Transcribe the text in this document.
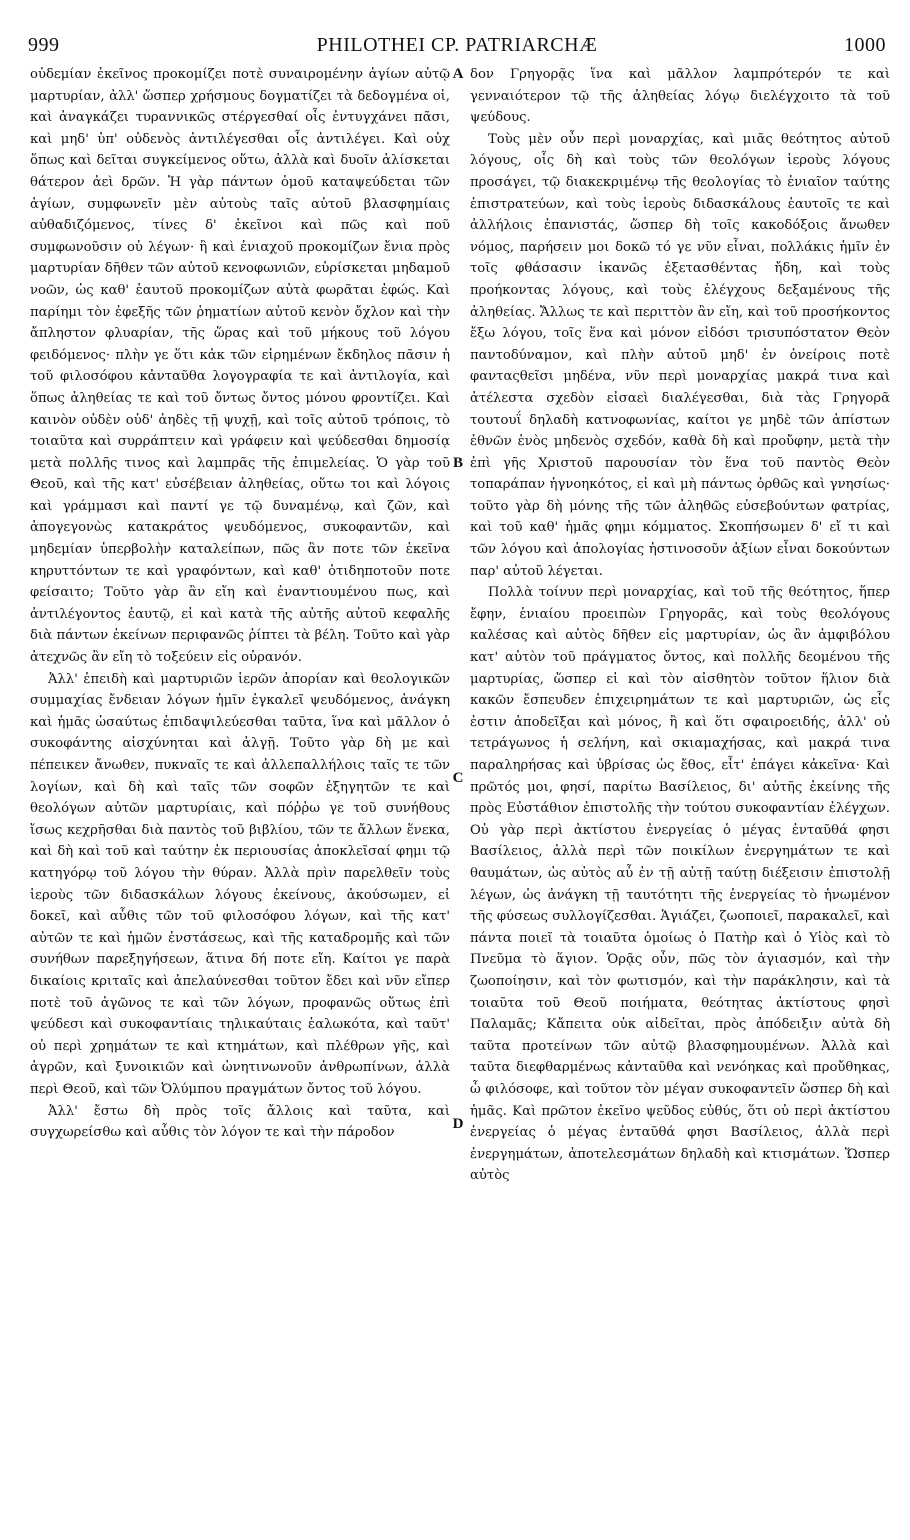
999	PHILOTHEI CP. PATRIARCHÆ	1000
A
B
C
D

οὐδεμίαν ἐκεῖνος προκομίζει ποτὲ συναιρομένην ἁγίων αὐτῷ μαρτυρίαν, ἀλλ' ὥσπερ χρήσμους δογματίζει τὰ δεδογμένα οἱ, καὶ ἀναγκάζει τυραννικῶς στέργεσθαί οἷς ἐντυγχάνει πᾶσι, καὶ μηδ' ὑπ' οὐδενὸς ἀντιλέγεσθαι οἷς ἀντιλέγει. Καὶ οὐχ ὅπως καὶ δεῖται συγκείμενος οὕτω, ἀλλὰ καὶ δυοῖν ἁλίσκεται θάτερον ἀεὶ δρῶν. Ἡ γὰρ πάντων ὁμοῦ καταψεύδεται τῶν ἁγίων, συμφωνεῖν μὲν αὐτοὺς ταῖς αὐτοῦ βλασφημίαις αὐθαδιζόμενος, τίνες δ' ἐκεῖνοι καὶ πῶς καὶ ποῦ συμφωνοῦσιν οὐ λέγων· ἢ καὶ ἐνιαχοῦ προκομίζων ἔνια πρὸς μαρτυρίαν δῆθεν τῶν αὐτοῦ κενοφωνιῶν, εὑρίσκεται μηδαμοῦ νοῶν, ὡς καθ' ἑαυτοῦ προκομίζων αὐτὰ φωρᾶται ἐφώς. Καὶ παρίημι τὸν ἐφεξῆς τῶν ῥηματίων αὐτοῦ κενὸν ὄχλον καὶ τὴν ἄπληστον φλυαρίαν, τῆς ὥρας καὶ τοῦ μήκους τοῦ λόγου φειδόμενος· πλὴν γε ὅτι κἀκ τῶν εἰρημένων ἔκδηλος πᾶσιν ἡ τοῦ φιλοσόφου κἀνταῦθα λογογραφία τε καὶ ἀντιλογία, καὶ ὅπως ἀληθείας τε καὶ τοῦ ὄντως ὄντος μόνου φροντίζει. Καὶ καινὸν οὐδὲν οὐδ' ἀηδὲς τῇ ψυχῇ, καὶ τοῖς αὐτοῦ τρόποις, τὸ τοιαῦτα καὶ συρράπτειν καὶ γράφειν καὶ ψεύδεσθαι δημοσίᾳ μετὰ πολλῆς τινος καὶ λαμπρᾶς τῆς ἐπιμελείας. Ὁ γὰρ τοῦ Θεοῦ, καὶ τῆς κατ' εὐσέβειαν ἀληθείας, οὕτω τοι καὶ λόγοις καὶ γράμμασι καὶ παντί γε τῷ δυναμένῳ, καὶ ζῶν, καὶ ἀπογεγονὼς κατακράτος ψευδόμενος, συκοφαντῶν, καὶ μηδεμίαν ὑπερβολὴν καταλείπων, πῶς ἂν ποτε τῶν ἐκεῖνα κηρυττόντων τε καὶ γραφόντων, καὶ καθ' ὁτιδηποτοῦν ποτε φείσαιτο; Τοῦτο γὰρ ἂν εἴη καὶ ἐναντιουμένου πως, καὶ ἀντιλέγοντος ἑαυτῷ, εἰ καὶ κατὰ τῆς αὐτῆς αὐτοῦ κεφαλῆς διὰ πάντων ἐκείνων περιφανῶς ῥίπτει τὰ βέλη. Τοῦτο καὶ γὰρ ἀτεχνῶς ἂν εἴη τὸ τοξεύειν εἰς οὐρανόν.

Ἀλλ' ἐπειδὴ καὶ μαρτυριῶν ἱερῶν ἀπορίαν καὶ θεολογικῶν συμμαχίας ἔνδειαν λόγων ἡμῖν ἐγκαλεῖ ψευδόμενος, ἀνάγκη καὶ ἡμᾶς ὡσαύτως ἐπιδαψιλεύεσθαι ταῦτα, ἵνα καὶ μᾶλλον ὁ συκοφάντης αἰσχύνηται καὶ ἀλγῇ. Τοῦτο γὰρ δὴ με καὶ πέπεικεν ἄνωθεν, πυκναῖς τε καὶ ἀλλεπαλλήλοις ταῖς τε τῶν λογίων, καὶ δὴ καὶ ταῖς τῶν σοφῶν ἐξηγητῶν τε καὶ θεολόγων αὐτῶν μαρτυρίαις, καὶ πόῤῥω γε τοῦ συνήθους ἴσως κεχρῆσθαι διὰ παντὸς τοῦ βιβλίου, τῶν τε ἄλλων ἕνεκα, καὶ δὴ καὶ τοῦ καὶ ταύτην ἐκ περιουσίας ἀποκλεῖσαί φημι τῷ κατηγόρῳ τοῦ λόγου τὴν θύραν. Ἀλλὰ πρὶν παρελθεῖν τοὺς ἱεροὺς τῶν διδασκάλων λόγους ἐκείνους, ἀκούσωμεν, εἰ δοκεῖ, καὶ αὖθις τῶν τοῦ φιλοσόφου λόγων, καὶ τῆς κατ' αὐτῶν τε καὶ ἡμῶν ἐνστάσεως, καὶ τῆς καταδρομῆς καὶ τῶν συνήθων παρεξηγήσεων, ἅτινα δή ποτε εἴη. Καίτοι γε παρὰ δικαίοις κριταῖς καὶ ἀπελαύνεσθαι τοῦτον ἔδει καὶ νῦν εἴπερ ποτὲ τοῦ ἀγῶνος τε καὶ τῶν λόγων, προφανῶς οὕτως ἐπὶ ψεύδεσι καὶ συκοφαντίαις τηλικαύταις ἑαλωκότα, καὶ ταῦτ' οὐ περὶ χρημάτων τε καὶ κτημάτων, καὶ πλέθρων γῆς, καὶ ἀγρῶν, καὶ ξυνοικιῶν καὶ ὠνητινωνοῦν ἀνθρωπίνων, ἀλλὰ περὶ Θεοῦ, καὶ τῶν Ὀλύμπου πραγμάτων ὄντος τοῦ λόγου.

Ἀλλ' ἔστω δὴ πρὸς τοῖς ἄλλοις καὶ ταῦτα, καὶ συγχωρείσθω καὶ αὖθις τὸν λόγον τε καὶ τὴν πάροδον

δον Γρηγορᾷς ἵνα καὶ μᾶλλον λαμπρότερόν τε καὶ γενναιότερον τῷ τῆς ἀληθείας λόγῳ διελέγχοιτο τὰ τοῦ ψεύδους.

Τοὺς μὲν οὖν περὶ μοναρχίας, καὶ μιᾶς θεότητος αὐτοῦ λόγους, οἷς δὴ καὶ τοὺς τῶν θεολόγων ἱεροὺς λόγους προσάγει, τῷ διακεκριμένῳ τῆς θεολογίας τὸ ἑνιαῖον ταύτης ἐπιστρατεύων, καὶ τοὺς ἱεροὺς διδασκάλους ἑαυτοῖς τε καὶ ἀλλήλοις ἐπανιστάς, ὥσπερ δὴ τοῖς κακοδόξοις ἄνωθεν νόμος, παρήσειν μοι δοκῶ τό γε νῦν εἶναι, πολλάκις ἡμῖν ἐν τοῖς φθάσασιν ἱκανῶς ἐξετασθέντας ἤδη, καὶ τοὺς προήκοντας λόγους, καὶ τοὺς ἐλέγχους δεξαμένους τῆς ἀληθείας. Ἄλλως τε καὶ περιττὸν ἂν εἴη, καὶ τοῦ προσήκοντος ἔξω λόγου, τοῖς ἕνα καὶ μόνον εἰδόσι τρισυπόστατον Θεὸν παντοδύναμον, καὶ πλὴν αὐτοῦ μηδ' ἐν ὀνείροις ποτὲ φανταςθεῖσι μηδένα, νῦν περὶ μοναρχίας μακρά τινα καὶ ἀτέλεστα σχεδὸν εἰσαεὶ διαλέγεσθαι, διὰ τὰς Γρηγορᾶ τουτουΐ δηλαδὴ κατνοφωνίας, καίτοι γε μηδὲ τῶν ἀπίστων ἐθνῶν ἑνὸς μηδενὸς σχεδόν, καθὰ δὴ καὶ προὔφην, μετὰ τὴν ἐπὶ γῆς Χριστοῦ παρουσίαν τὸν ἕνα τοῦ παντὸς Θεὸν τοπαράπαν ἠγνοηκότος, εἰ καὶ μὴ πάντως ὀρθῶς καὶ γνησίως· τοῦτο γὰρ δὴ μόνης τῆς τῶν ἀληθῶς εὐσεβούντων φατρίας, καὶ τοῦ καθ' ἡμᾶς φημι κόμματος. Σκοπήσωμεν δ' εἴ τι καὶ τῶν λόγου καὶ ἀπολογίας ἡστινοσοῦν ἀξίων εἶναι δοκούντων παρ' αὐτοῦ λέγεται.

Πολλὰ τοίνυν περὶ μοναρχίας, καὶ τοῦ τῆς θεότητος, ἥπερ ἔφην, ἑνιαίου προειπὼν Γρηγορᾶς, καὶ τοὺς θεολόγους καλέσας καὶ αὐτὸς δῆθεν εἰς μαρτυρίαν, ὡς ἂν ἀμφιβόλου κατ' αὐτὸν τοῦ πράγματος ὄντος, καὶ πολλῆς δεομένου τῆς μαρτυρίας, ὥσπερ εἰ καὶ τὸν αἰσθητὸν τοῦτον ἥλιον διὰ κακῶν ἔσπευδεν ἐπιχειρημάτων τε καὶ μαρτυριῶν, ὡς εἷς ἐστιν ἀποδεῖξαι καὶ μόνος, ἢ καὶ ὅτι σφαιροειδής, ἀλλ' οὐ τετράγωνος ἡ σελήνη, καὶ σκιαμαχήσας, καὶ μακρά τινα παραληρήσας καὶ ὑβρίσας ὡς ἔθος, εἶτ' ἐπάγει κἀκεῖνα· Καὶ πρῶτός μοι, φησί, παρίτω Βασίλειος, δι' αὐτῆς ἐκείνης τῆς πρὸς Εὐστάθιον ἐπιστολῆς τὴν τούτου συκοφαντίαν ἐλέγχων. Οὐ γὰρ περὶ ἀκτίστου ἐνεργείας ὁ μέγας ἐνταῦθά φησι Βασίλειος, ἀλλὰ περὶ τῶν ποικίλων ἐνεργημάτων τε καὶ θαυμάτων, ὡς αὐτὸς αὖ ἐν τῇ αὐτῇ ταύτῃ διέξεισιν ἐπιστολῇ λέγων, ὡς ἀνάγκη τῇ ταυτότητι τῆς ἐνεργείας τὸ ἡνωμένον τῆς φύσεως συλλογίζεσθαι. Ἁγιάζει, ζωοποιεῖ, παρακαλεῖ, καὶ πάντα ποιεῖ τὰ τοιαῦτα ὁμοίως ὁ Πατὴρ καὶ ὁ Υἱὸς καὶ τὸ Πνεῦμα τὸ ἅγιον. Ὁρᾷς οὖν, πῶς τὸν ἁγιασμόν, καὶ τὴν ζωοποίησιν, καὶ τὸν φωτισμόν, καὶ τὴν παράκλησιν, καὶ τὰ τοιαῦτα τοῦ Θεοῦ ποιήματα, θεότητας ἀκτίστους φησὶ Παλαμᾶς; Κἄπειτα οὐκ αἰδεῖται, πρὸς ἀπόδειξιν αὐτὰ δὴ ταῦτα προτείνων τῶν αὐτῷ βλασφημουμένων. Ἀλλὰ καὶ ταῦτα διεφθαρμένως κἀνταῦθα καὶ νενόηκας καὶ προὔθηκας, ὦ φιλόσοφε, καὶ τοῦτον τὸν μέγαν συκοφαντεῖν ὥσπερ δὴ καὶ ἡμᾶς. Καὶ πρῶτον ἐκεῖνο ψεῦδος εὐθύς, ὅτι οὐ περὶ ἀκτίστου ἐνεργείας ὁ μέγας ἐνταῦθά φησι Βασίλειος, ἀλλὰ περὶ ἐνεργημάτων, ἀποτελεσμάτων δηλαδὴ καὶ κτισμάτων. Ὥσπερ αὐτὸς
